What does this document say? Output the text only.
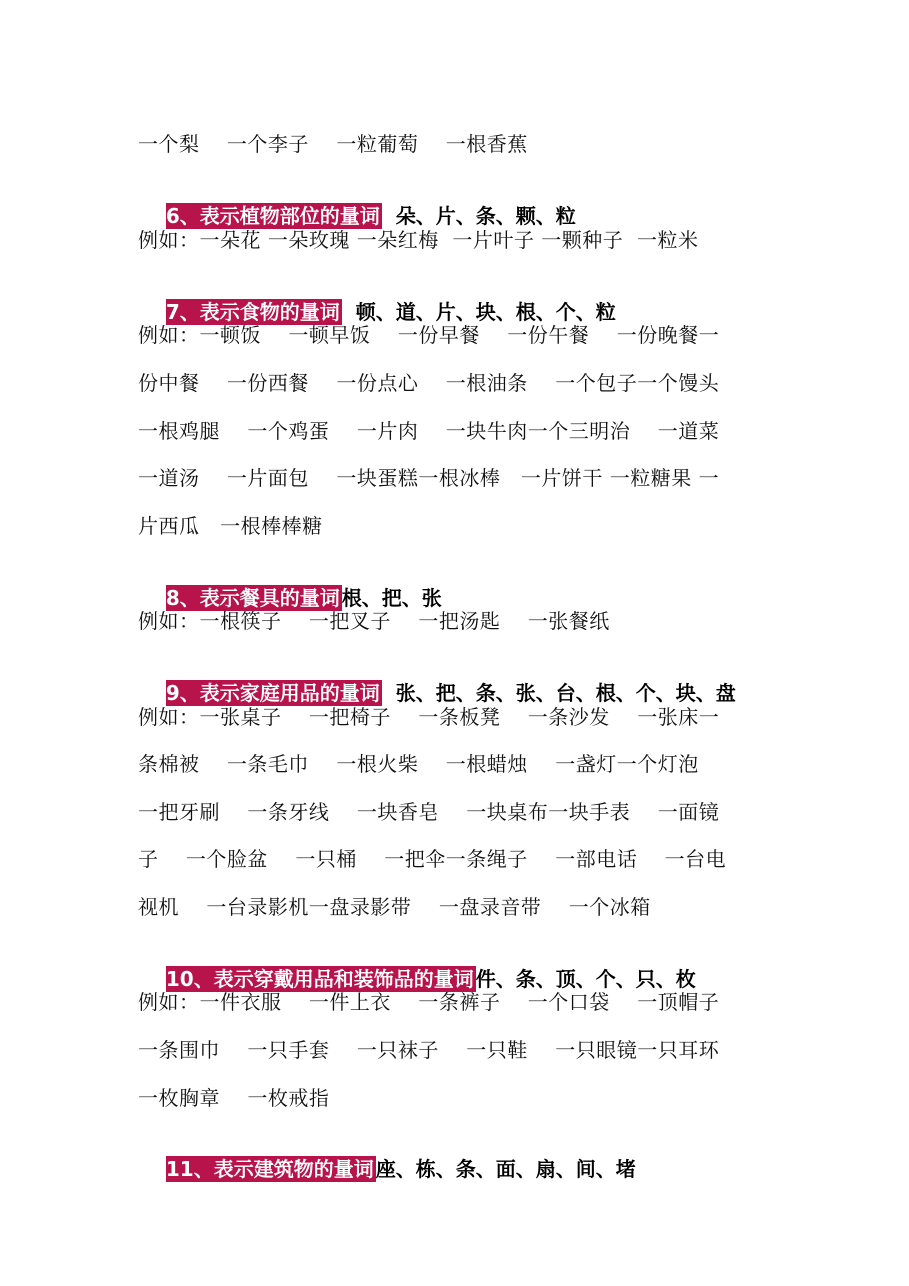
一个梨    一个李子    一粒葡萄    一根香蕉

6、表示植物部位的量词  朵、片、条、颗、粒

例如：一朵花 一朵玫瑰 一朵红梅  一片叶子 一颗种子  一粒米

7、表示食物的量词  顿、道、片、块、根、个、粒

例如：一顿饭    一顿早饭    一份早餐    一份午餐    一份晚餐一
份中餐    一份西餐    一份点心    一根油条    一个包子一个馒头
一根鸡腿    一个鸡蛋    一片肉    一块牛肉一个三明治    一道菜
一道汤    一片面包    一块蛋糕一根冰棒   一片饼干 一粒糖果 一
片西瓜   一根棒棒糖

8、表示餐具的量词 根、把、张

例如：一根筷子    一把叉子    一把汤匙    一张餐纸

9、表示家庭用品的量词  张、把、条、张、台、根、个、块、盘

例如：一张桌子    一把椅子    一条板凳    一条沙发    一张床一
条棉被    一条毛巾    一根火柴    一根蜡烛    一盏灯一个灯泡
一把牙刷    一条牙线    一块香皂    一块桌布一块手表    一面镜
子    一个脸盆    一只桶    一把伞一条绳子    一部电话    一台电
视机    一台录影机一盘录影带    一盘录音带    一个冰箱

10、表示穿戴用品和装饰品的量词 件、条、顶、个、只、枚

例如：一件衣服    一件上衣    一条裤子    一个口袋    一顶帽子
一条围巾    一只手套    一只袜子    一只鞋    一只眼镜一只耳环
一枚胸章    一枚戒指

11、表示建筑物的量词 座、栋、条、面、扇、间、堵
